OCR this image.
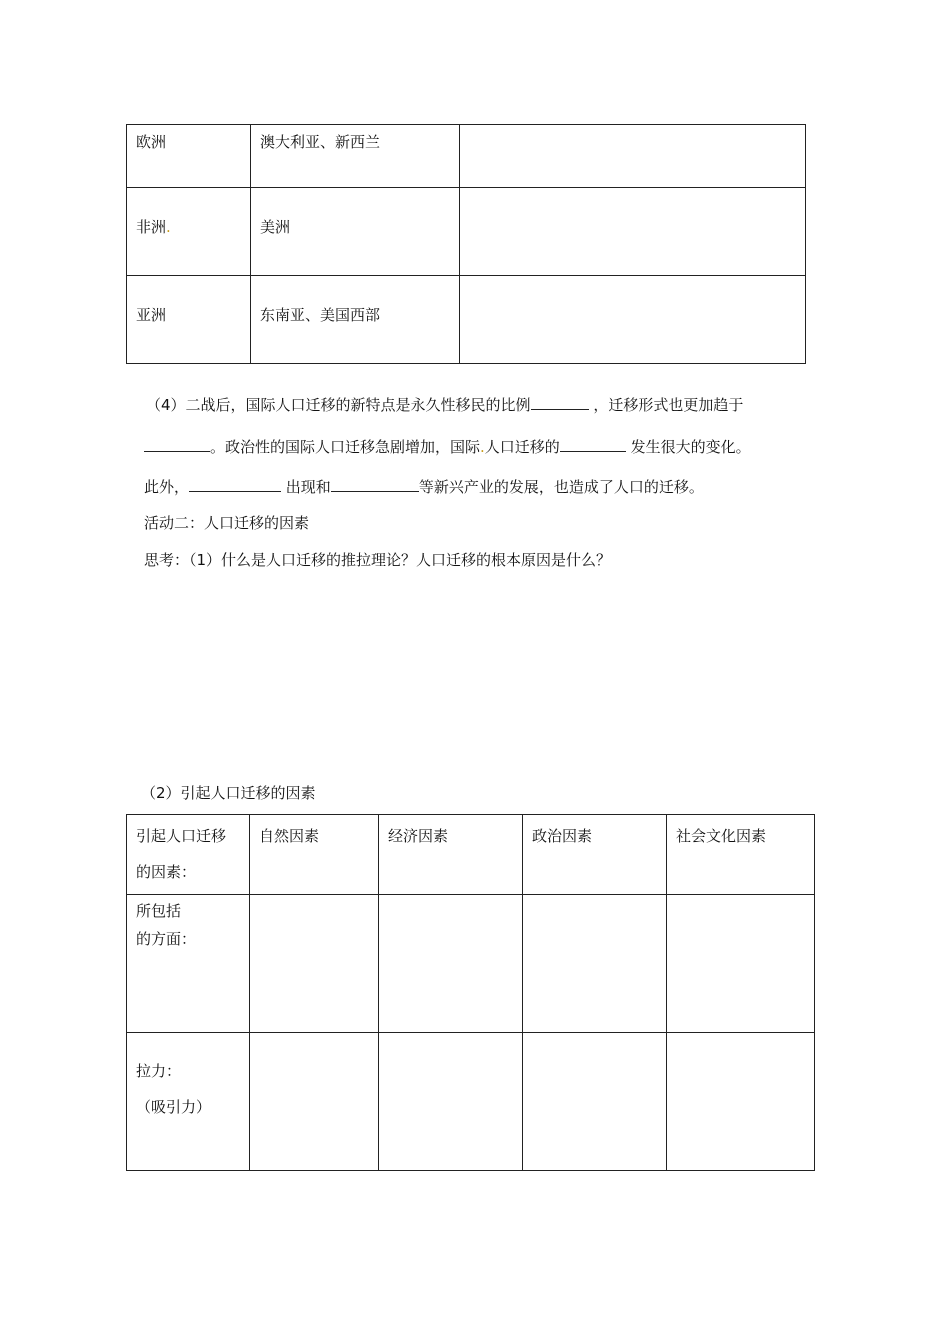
欧洲	澳大利亚、新西兰	
非洲.	美洲	
亚洲	东南亚、美国西部	
（4）二战后，国际人口迁移的新特点是永久性移民的比例	，迁移形式也更加趋于
。政治性的国际人口迁移急剧增加，国际.人口迁移的	发生很大的变化。
此外，	出现和	等新兴产业的发展，也造成了人口的迁移。
活动二：人口迁移的因素
思考：（1）什么是人口迁移的推拉理论？人口迁移的根本原因是什么？
（2）引起人口迁移的因素
引起人口迁移
的因素：	自然因素	经济因素	政治因素	社会文化因素

所包括
的方面：				

拉力：
（吸引力）				
